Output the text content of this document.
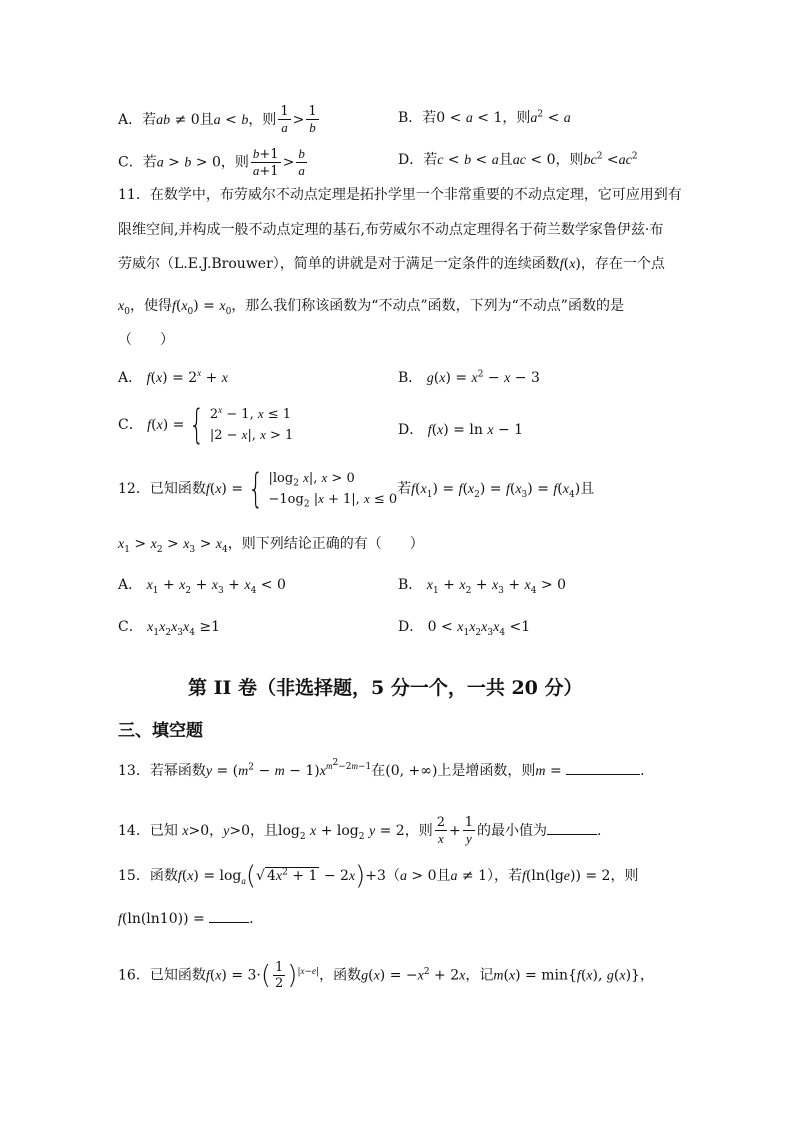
A．若ab ≠ 0且a < b，则 $\frac{1}{a} > \frac{1}{b}$	B．若0 < a < 1，则$a^2 < a$
C．若a > b > 0，则 $\frac{b+1}{a+1} > \frac{b}{a}$	D．若c < b < a且ac < 0，则$bc^2 <ac^2$
11．在数学中，布劳威尔不动点定理是拓扑学里一个非常重要的不动点定理，它可应用到有
限维空间,并构成一般不动点定理的基石,布劳威尔不动点定理得名于荷兰数学家鲁伊兹·布
劳威尔（L.E.J.Brouwer），简单的讲就是对于满足一定条件的连续函数f(x)，存在一个点
$x_0$，使得$f(x_0) = x_0$，那么我们称该函数为“不动点”函数，下列为“不动点”函数的是
（　　）
A． $f(x) = 2^x + x$	B． $g(x) = x^2 - x - 3$
C． f(x) = { $2^x - 1$, x ≤ 1
|2 − x|, x > 1	D． f(x) = ln x − 1
12．已知函数f(x) = { $|\log_2$ x|, x > 0
$-1og_2$ |x + 1|, x ≤ 0
若$f(x_1) = f(x_2) = f(x_3) = f(x_4)$且
$x_1 > x_2 > x_3 > x_4$，则下列结论正确的有（　　）
A． $x_1 + x_2 + x_3 + x_4 < 0$	B． $x_1 + x_2 + x_3 + x_4 > 0$
C． $x_1x_2x_3x_4 \ge 1$	D． $0 < x_1x_2x_3x_4 <1$
第 II 卷（非选择题，5 分一个，一共 20 分）
三、填空题
13．若幂函数$y = (m^2 - m - 1)x^{m^2-2m-1}$在(0, +∞)上是增函数，则m =	.
14．已知 x>0，y>0，且$\log_2 x + \log_2 y = 2$，则 $\frac{2}{x} + \frac{1}{y}$ 的最小值为	.
15．函数$f(x) = \log_a(√$ $4x^2 + 1 - 2x)+3(a > 0$且a ≠ 1），若f(ln(lge)) = 2，则
f(ln(ln10)) =	.
16．已知函数$f(x) = 3\cdot( \frac{1}{2} )^{|x-e|}$，函数$g(x) = -x^2 + 2x$，记m(x) = min{f(x), g(x)}，
